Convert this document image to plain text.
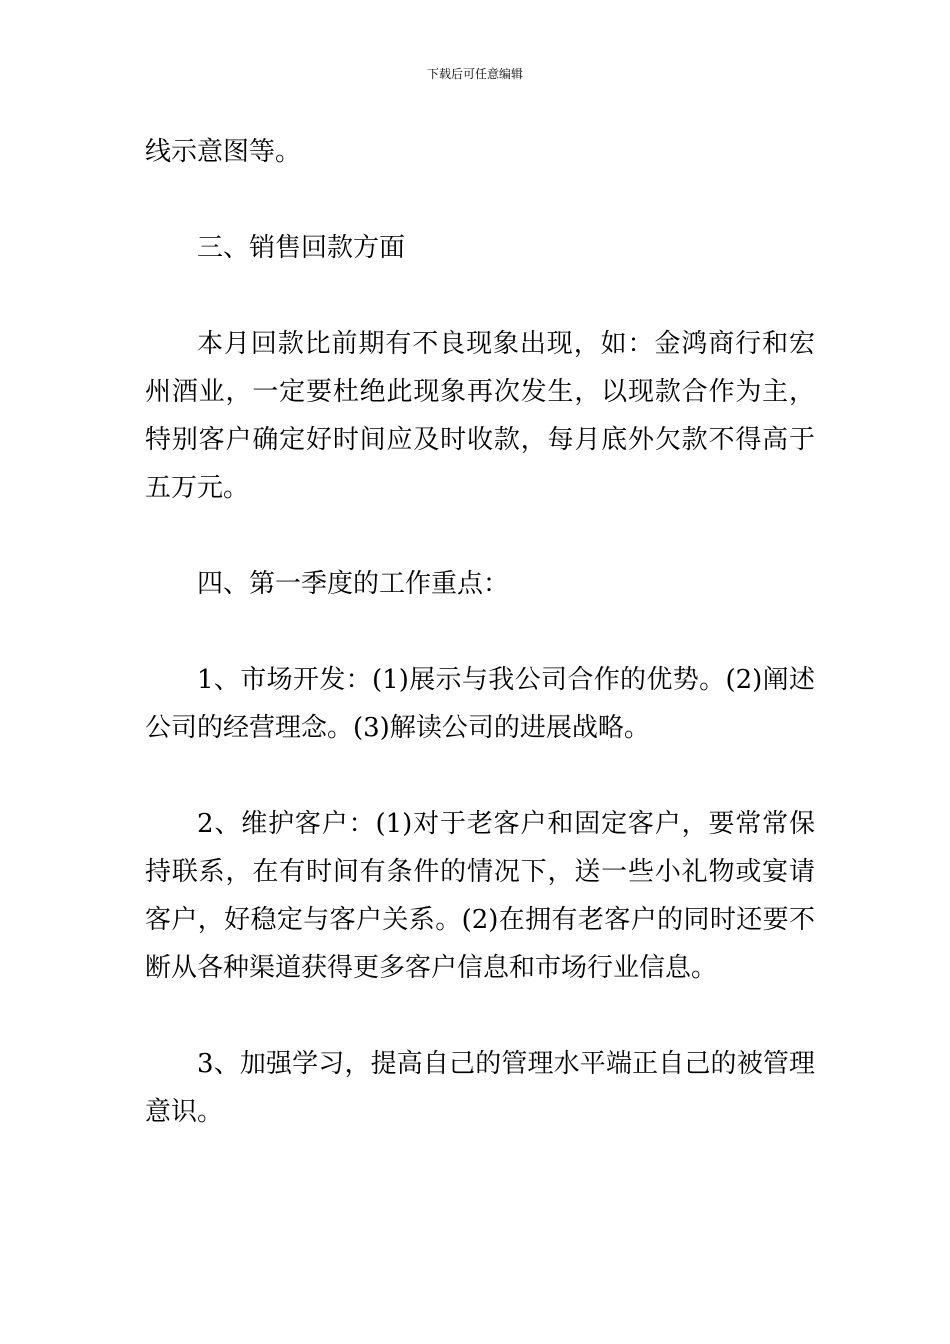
下载后可任意编辑

线示意图等。

三、销售回款方面

本月回款比前期有不良现象出现，如：金鸿商行和宏州酒业，一定要杜绝此现象再次发生，以现款合作为主，特别客户确定好时间应及时收款，每月底外欠款不得高于五万元。

四、第一季度的工作重点：

1、市场开发：(1)展示与我公司合作的优势。(2)阐述公司的经营理念。(3)解读公司的进展战略。

2、维护客户：(1)对于老客户和固定客户，要常常保持联系，在有时间有条件的情况下，送一些小礼物或宴请客户，好稳定与客户关系。(2)在拥有老客户的同时还要不断从各种渠道获得更多客户信息和市场行业信息。

3、加强学习，提高自己的管理水平端正自己的被管理意识。
